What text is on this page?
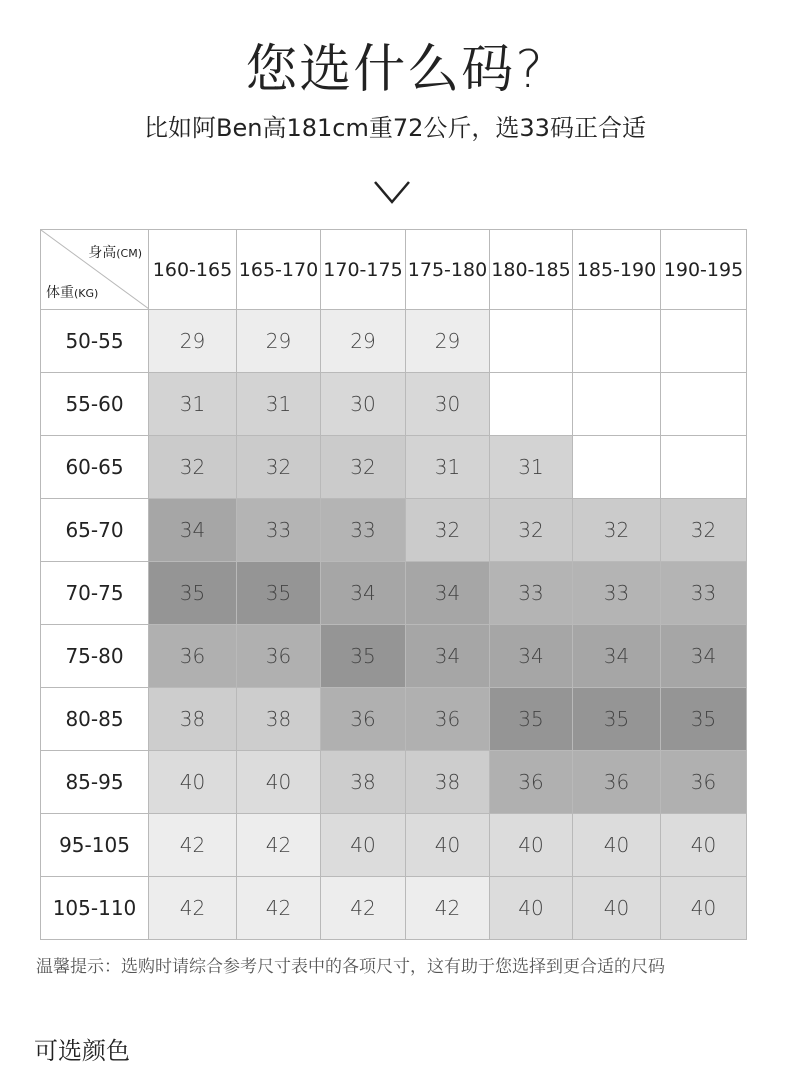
您选什么码?
比如阿Ben高181cm重72公斤，选33码正合适
身高(CM)
体重(KG)	160-165	165-170	170-175	175-180	180-185	185-190	190-195
50-55	29	29	29	29			
55-60	31	31	30	30			
60-65	32	32	32	31	31		
65-70	34	33	33	32	32	32	32
70-75	35	35	34	34	33	33	33
75-80	36	36	35	34	34	34	34
80-85	38	38	36	36	35	35	35
85-95	40	40	38	38	36	36	36
95-105	42	42	40	40	40	40	40
105-110	42	42	42	42	40	40	40
温馨提示：选购时请综合参考尺寸表中的各项尺寸，这有助于您选择到更合适的尺码
可选颜色
